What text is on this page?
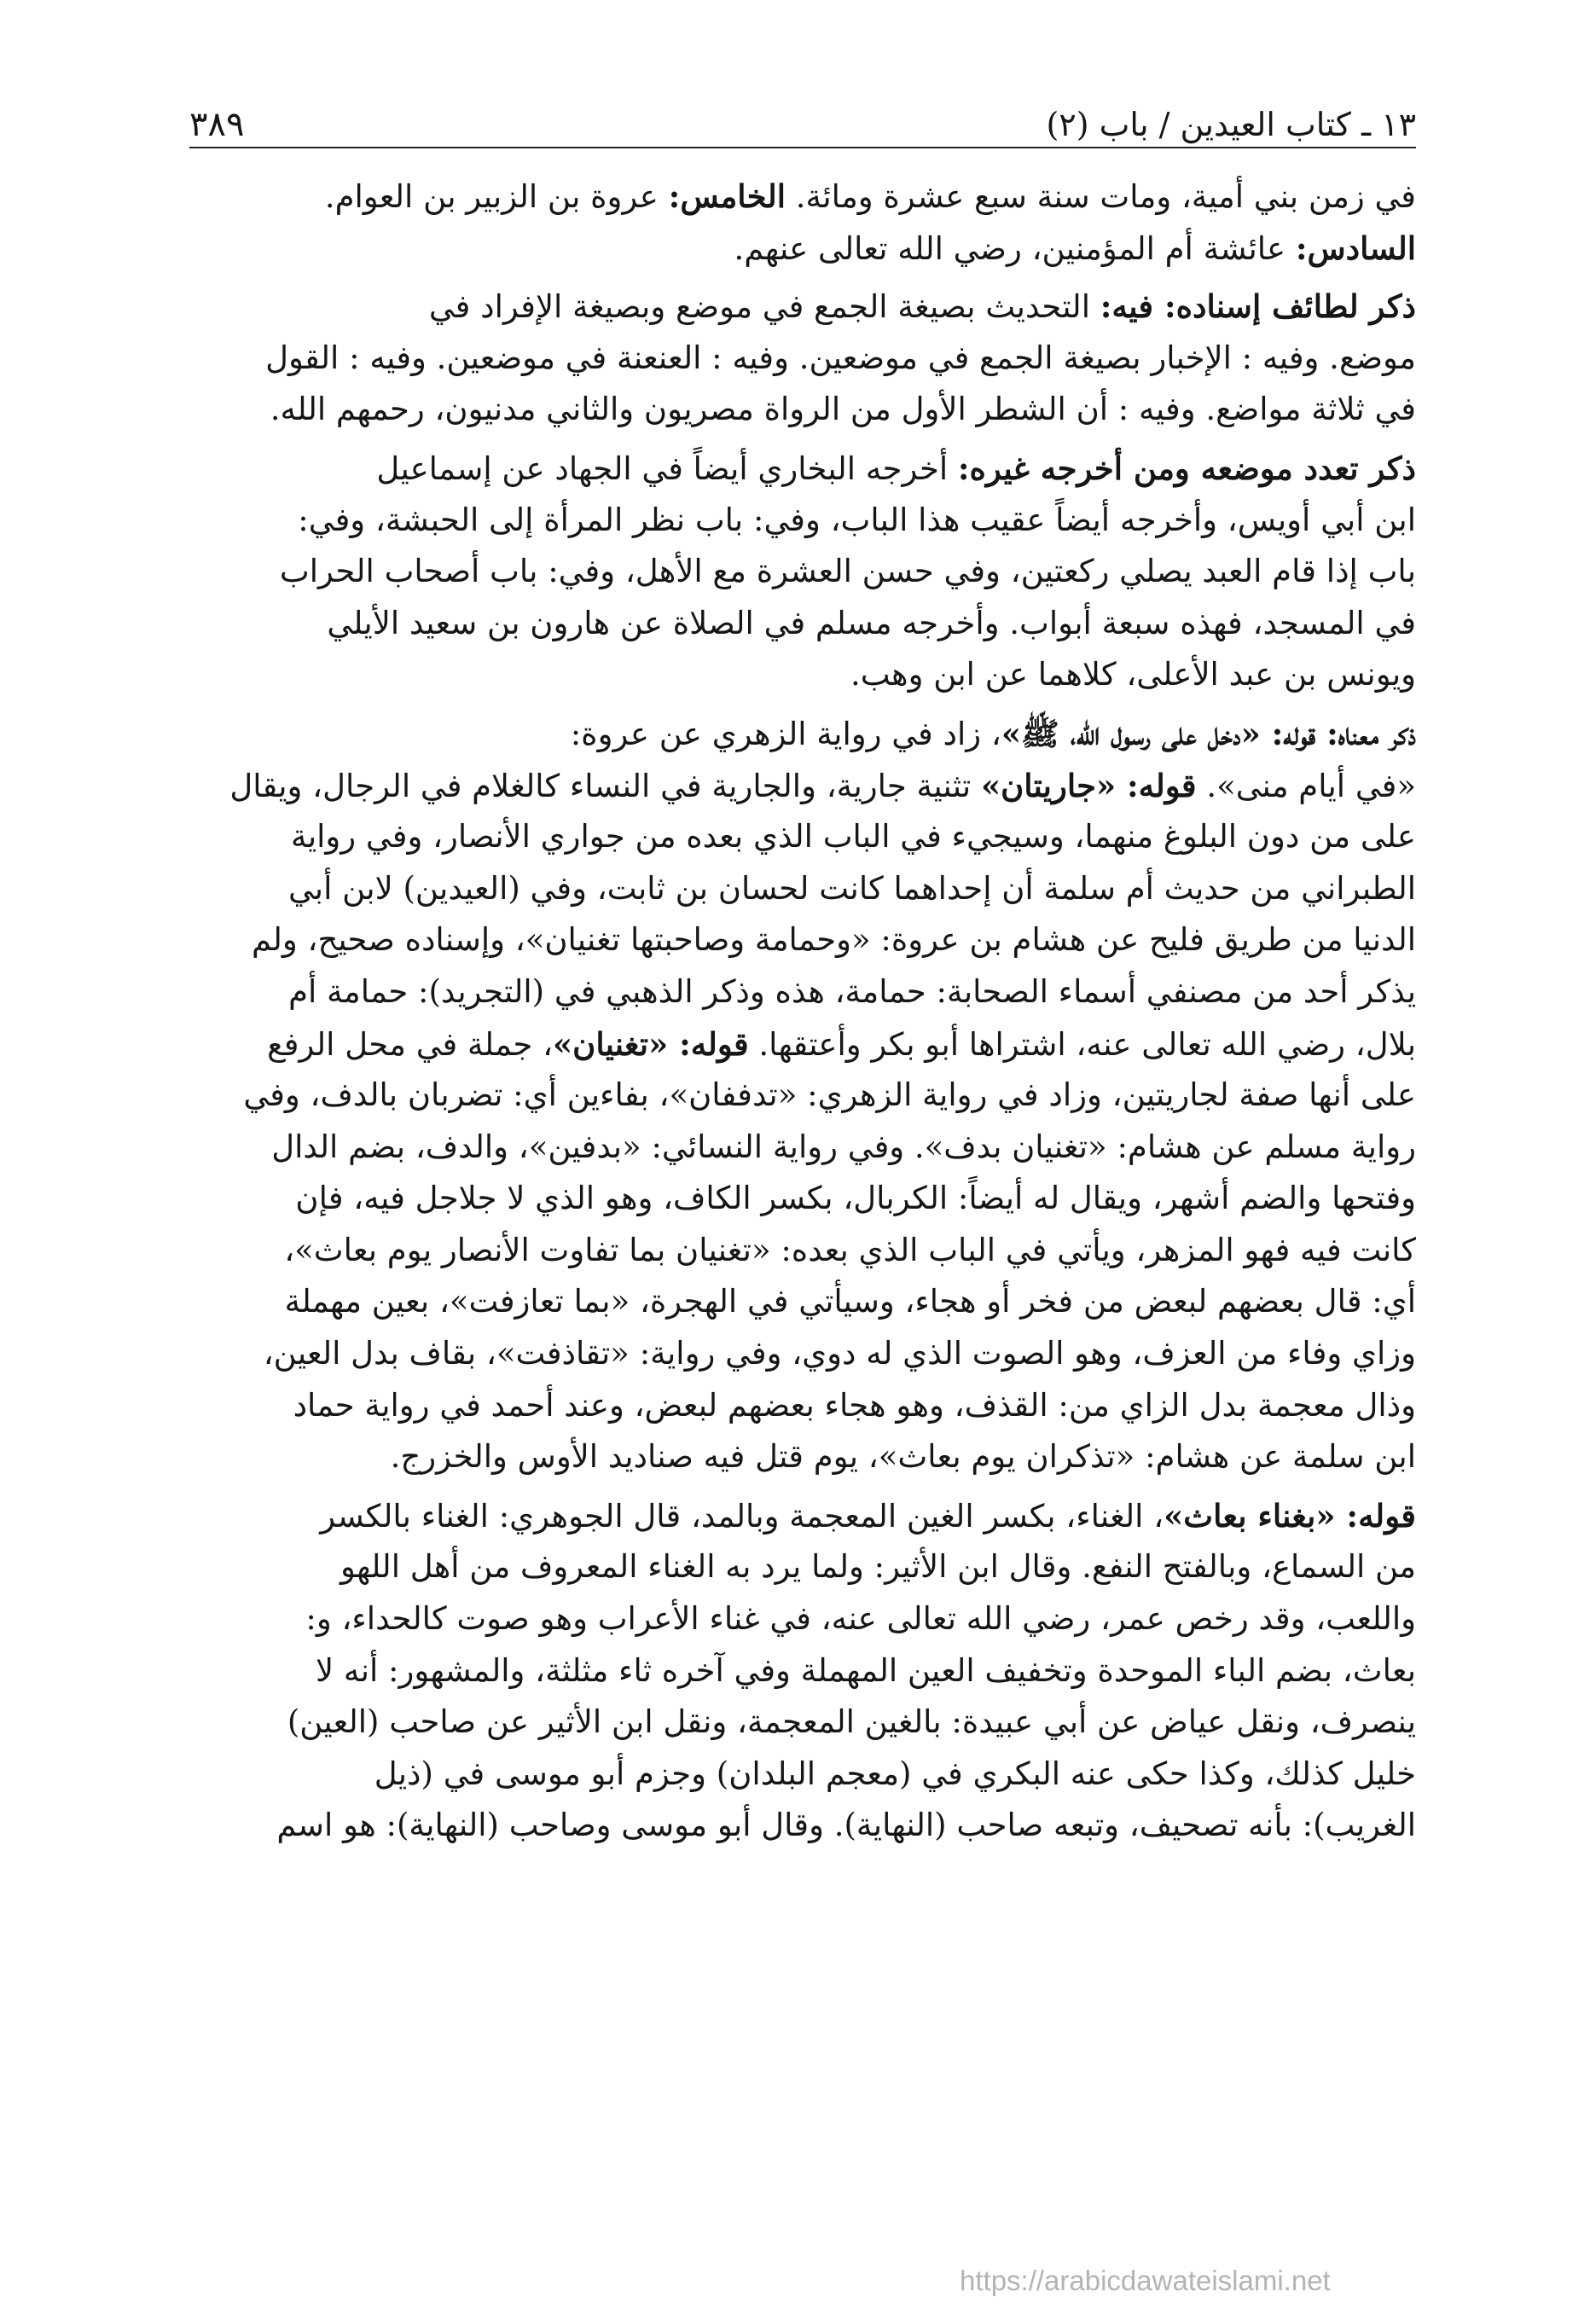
١٣ ـ كتاب العيدين / باب (٢)
٣٨٩
في زمن بني أمية، ومات سنة سبع عشرة ومائة. الخامس: عروة بن الزبير بن العوام.
السادس: عائشة أم المؤمنين، رضي الله تعالى عنهم.
ذكر لطائف إسناده: فيه: التحديث بصيغة الجمع في موضع وبصيغة الإفراد في
موضع. وفيه : الإخبار بصيغة الجمع في موضعين. وفيه : العنعنة في موضعين. وفيه : القول
في ثلاثة مواضع. وفيه : أن الشطر الأول من الرواة مصريون والثاني مدنيون، رحمهم الله.
ذكر تعدد موضعه ومن أخرجه غيره: أخرجه البخاري أيضاً في الجهاد عن إسماعيل
ابن أبي أويس، وأخرجه أيضاً عقيب هذا الباب، وفي: باب نظر المرأة إلى الحبشة، وفي:
باب إذا قام العبد يصلي ركعتين، وفي حسن العشرة مع الأهل، وفي: باب أصحاب الحراب
في المسجد، فهذه سبعة أبواب. وأخرجه مسلم في الصلاة عن هارون بن سعيد الأيلي
ويونس بن عبد الأعلى، كلاهما عن ابن وهب.
ذكر معناه: قوله: «دخل على رسول الله، ﷺ»، زاد في رواية الزهري عن عروة:
«في أيام منى». قوله: «جاريتان» تثنية جارية، والجارية في النساء كالغلام في الرجال، ويقال
على من دون البلوغ منهما، وسيجيء في الباب الذي بعده من جواري الأنصار، وفي رواية
الطبراني من حديث أم سلمة أن إحداهما كانت لحسان بن ثابت، وفي (العيدين) لابن أبي
الدنيا من طريق فليح عن هشام بن عروة: «وحمامة وصاحبتها تغنيان»، وإسناده صحيح، ولم
يذكر أحد من مصنفي أسماء الصحابة: حمامة، هذه وذكر الذهبي في (التجريد): حمامة أم
بلال، رضي الله تعالى عنه، اشتراها أبو بكر وأعتقها. قوله: «تغنيان»، جملة في محل الرفع
على أنها صفة لجاريتين، وزاد في رواية الزهري: «تدففان»، بفاءين أي: تضربان بالدف، وفي
رواية مسلم عن هشام: «تغنيان بدف». وفي رواية النسائي: «بدفين»، والدف، بضم الدال
وفتحها والضم أشهر، ويقال له أيضاً: الكربال، بكسر الكاف، وهو الذي لا جلاجل فيه، فإن
كانت فيه فهو المزهر، ويأتي في الباب الذي بعده: «تغنيان بما تفاوت الأنصار يوم بعاث»،
أي: قال بعضهم لبعض من فخر أو هجاء، وسيأتي في الهجرة، «بما تعازفت»، بعين مهملة
وزاي وفاء من العزف، وهو الصوت الذي له دوي، وفي رواية: «تقاذفت»، بقاف بدل العين،
وذال معجمة بدل الزاي من: القذف، وهو هجاء بعضهم لبعض، وعند أحمد في رواية حماد
ابن سلمة عن هشام: «تذكران يوم بعاث»، يوم قتل فيه صناديد الأوس والخزرج.
قوله: «بغناء بعاث»، الغناء، بكسر الغين المعجمة وبالمد، قال الجوهري: الغناء بالكسر
من السماع، وبالفتح النفع. وقال ابن الأثير: ولما يرد به الغناء المعروف من أهل اللهو
واللعب، وقد رخص عمر، رضي الله تعالى عنه، في غناء الأعراب وهو صوت كالحداء، و:
بعاث، بضم الباء الموحدة وتخفيف العين المهملة وفي آخره ثاء مثلثة، والمشهور: أنه لا
ينصرف، ونقل عياض عن أبي عبيدة: بالغين المعجمة، ونقل ابن الأثير عن صاحب (العين)
خليل كذلك، وكذا حكى عنه البكري في (معجم البلدان) وجزم أبو موسى في (ذيل
الغريب): بأنه تصحيف، وتبعه صاحب (النهاية). وقال أبو موسى وصاحب (النهاية): هو اسم
https://arabicdawateislami.net
